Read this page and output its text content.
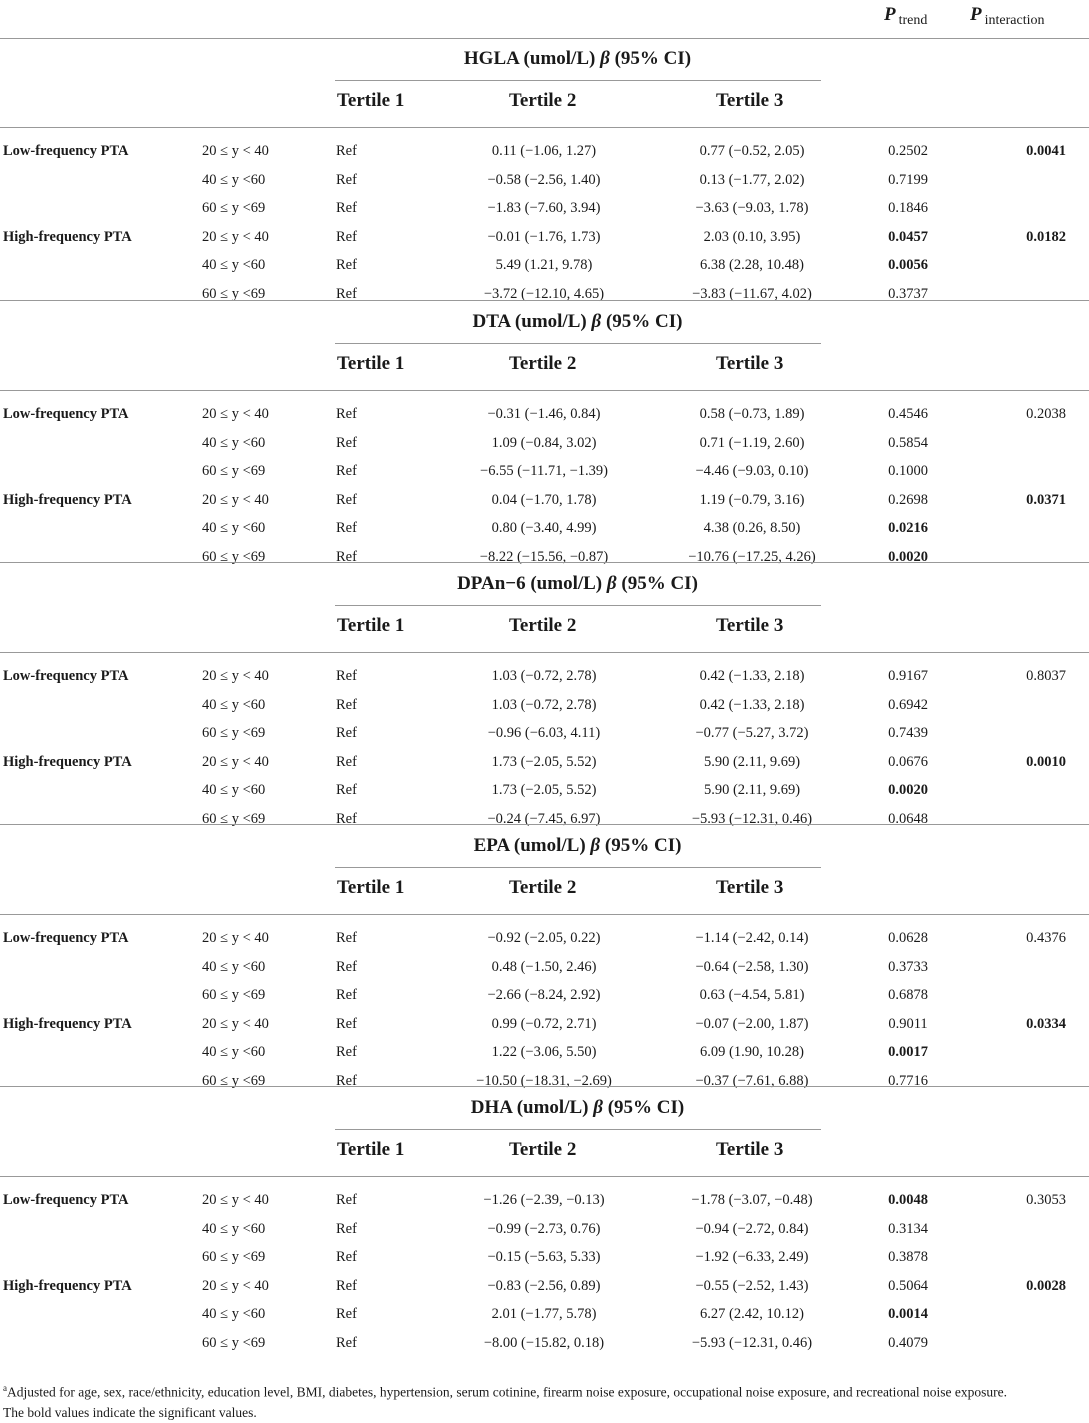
P $_{trend}$ P $_{interaction}$
HGLA (umol/L) β (95% CI)
Tertile 1	Tertile 2	Tertile 3
Low-frequency PTA	20 ≤ y < 40	Ref	0.11 (−1.06, 1.27)	0.77 (−0.52, 2.05)	0.2502	0.0041
40 ≤ y <60	Ref	−0.58 (−2.56, 1.40)	0.13 (−1.77, 2.02)	0.7199
60 ≤ y <69	Ref	−1.83 (−7.60, 3.94)	−3.63 (−9.03, 1.78)	0.1846
High-frequency PTA	20 ≤ y < 40	Ref	−0.01 (−1.76, 1.73)	2.03 (0.10, 3.95)	0.0457	0.0182
40 ≤ y <60	Ref	5.49 (1.21, 9.78)	6.38 (2.28, 10.48)	0.0056
60 ≤ y <69	Ref	−3.72 (−12.10, 4.65)	−3.83 (−11.67, 4.02)	0.3737
DTA (umol/L) β (95% CI)
Tertile 1	Tertile 2	Tertile 3
Low-frequency PTA	20 ≤ y < 40	Ref	−0.31 (−1.46, 0.84)	0.58 (−0.73, 1.89)	0.4546	0.2038
40 ≤ y <60	Ref	1.09 (−0.84, 3.02)	0.71 (−1.19, 2.60)	0.5854
60 ≤ y <69	Ref	−6.55 (−11.71, −1.39)	−4.46 (−9.03, 0.10)	0.1000
High-frequency PTA	20 ≤ y < 40	Ref	0.04 (−1.70, 1.78)	1.19 (−0.79, 3.16)	0.2698	0.0371
40 ≤ y <60	Ref	0.80 (−3.40, 4.99)	4.38 (0.26, 8.50)	0.0216
60 ≤ y <69	Ref	−8.22 (−15.56, −0.87)	−10.76 (−17.25, 4.26)	0.0020
DPAn−6 (umol/L) β (95% CI)
Tertile 1	Tertile 2	Tertile 3
Low-frequency PTA	20 ≤ y < 40	Ref	1.03 (−0.72, 2.78)	0.42 (−1.33, 2.18)	0.9167	0.8037
40 ≤ y <60	Ref	1.03 (−0.72, 2.78)	0.42 (−1.33, 2.18)	0.6942
60 ≤ y <69	Ref	−0.96 (−6.03, 4.11)	−0.77 (−5.27, 3.72)	0.7439
High-frequency PTA	20 ≤ y < 40	Ref	1.73 (−2.05, 5.52)	5.90 (2.11, 9.69)	0.0676	0.0010
40 ≤ y <60	Ref	1.73 (−2.05, 5.52)	5.90 (2.11, 9.69)	0.0020
60 ≤ y <69	Ref	−0.24 (−7.45, 6.97)	−5.93 (−12.31, 0.46)	0.0648
EPA (umol/L) β (95% CI)
Tertile 1	Tertile 2	Tertile 3
Low-frequency PTA	20 ≤ y < 40	Ref	−0.92 (−2.05, 0.22)	−1.14 (−2.42, 0.14)	0.0628	0.4376
40 ≤ y <60	Ref	0.48 (−1.50, 2.46)	−0.64 (−2.58, 1.30)	0.3733
60 ≤ y <69	Ref	−2.66 (−8.24, 2.92)	0.63 (−4.54, 5.81)	0.6878
High-frequency PTA	20 ≤ y < 40	Ref	0.99 (−0.72, 2.71)	−0.07 (−2.00, 1.87)	0.9011	0.0334
40 ≤ y <60	Ref	1.22 (−3.06, 5.50)	6.09 (1.90, 10.28)	0.0017
60 ≤ y <69	Ref	−10.50 (−18.31, −2.69)	−0.37 (−7.61, 6.88)	0.7716
DHA (umol/L) β (95% CI)
Tertile 1	Tertile 2	Tertile 3
Low-frequency PTA	20 ≤ y < 40	Ref	−1.26 (−2.39, −0.13)	−1.78 (−3.07, −0.48)	0.0048	0.3053
40 ≤ y <60	Ref	−0.99 (−2.73, 0.76)	−0.94 (−2.72, 0.84)	0.3134
60 ≤ y <69	Ref	−0.15 (−5.63, 5.33)	−1.92 (−6.33, 2.49)	0.3878
High-frequency PTA	20 ≤ y < 40	Ref	−0.83 (−2.56, 0.89)	−0.55 (−2.52, 1.43)	0.5064	0.0028
40 ≤ y <60	Ref	2.01 (−1.77, 5.78)	6.27 (2.42, 10.12)	0.0014
60 ≤ y <69	Ref	−8.00 (−15.82, 0.18)	−5.93 (−12.31, 0.46)	0.4079
$^a$Adjusted for age, sex, race/ethnicity, education level, BMI, diabetes, hypertension, serum cotinine, firearm noise exposure, occupational noise exposure, and recreational noise exposure.
The bold values indicate the significant values.
